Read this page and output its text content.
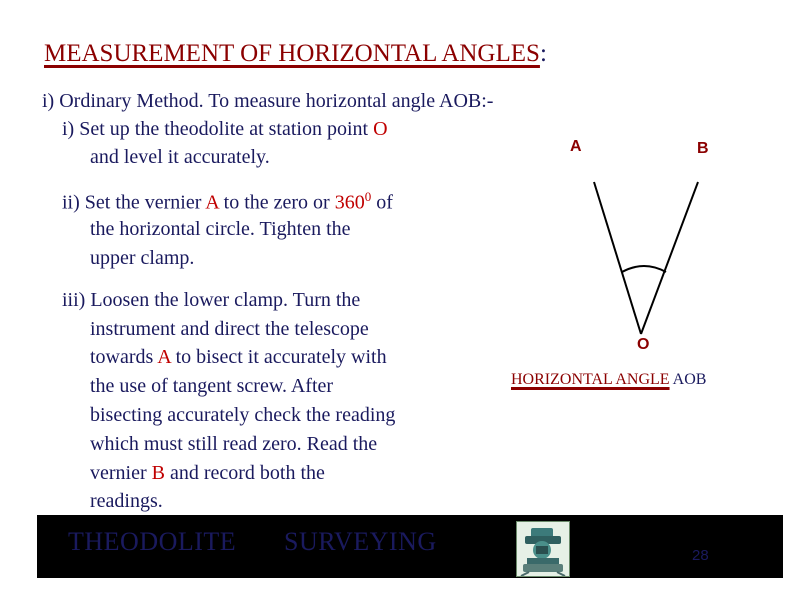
MEASUREMENT OF HORIZONTAL ANGLES:
i) Ordinary Method. To measure horizontal angle AOB:-
i) Set up the theodolite at station point O
and level it accurately.
ii) Set the vernier A to the zero or $360^0$ of
the horizontal circle. Tighten the
upper clamp.
iii) Loosen the lower clamp. Turn the
instrument and direct the telescope
towards A to bisect it accurately with
the use of tangent screw. After
bisecting accurately check the reading
which must still read zero. Read the
vernier B and record both the
readings.
A	B
O
HORIZONTAL ANGLE AOB
THEODOLITE SURVEYING	28
